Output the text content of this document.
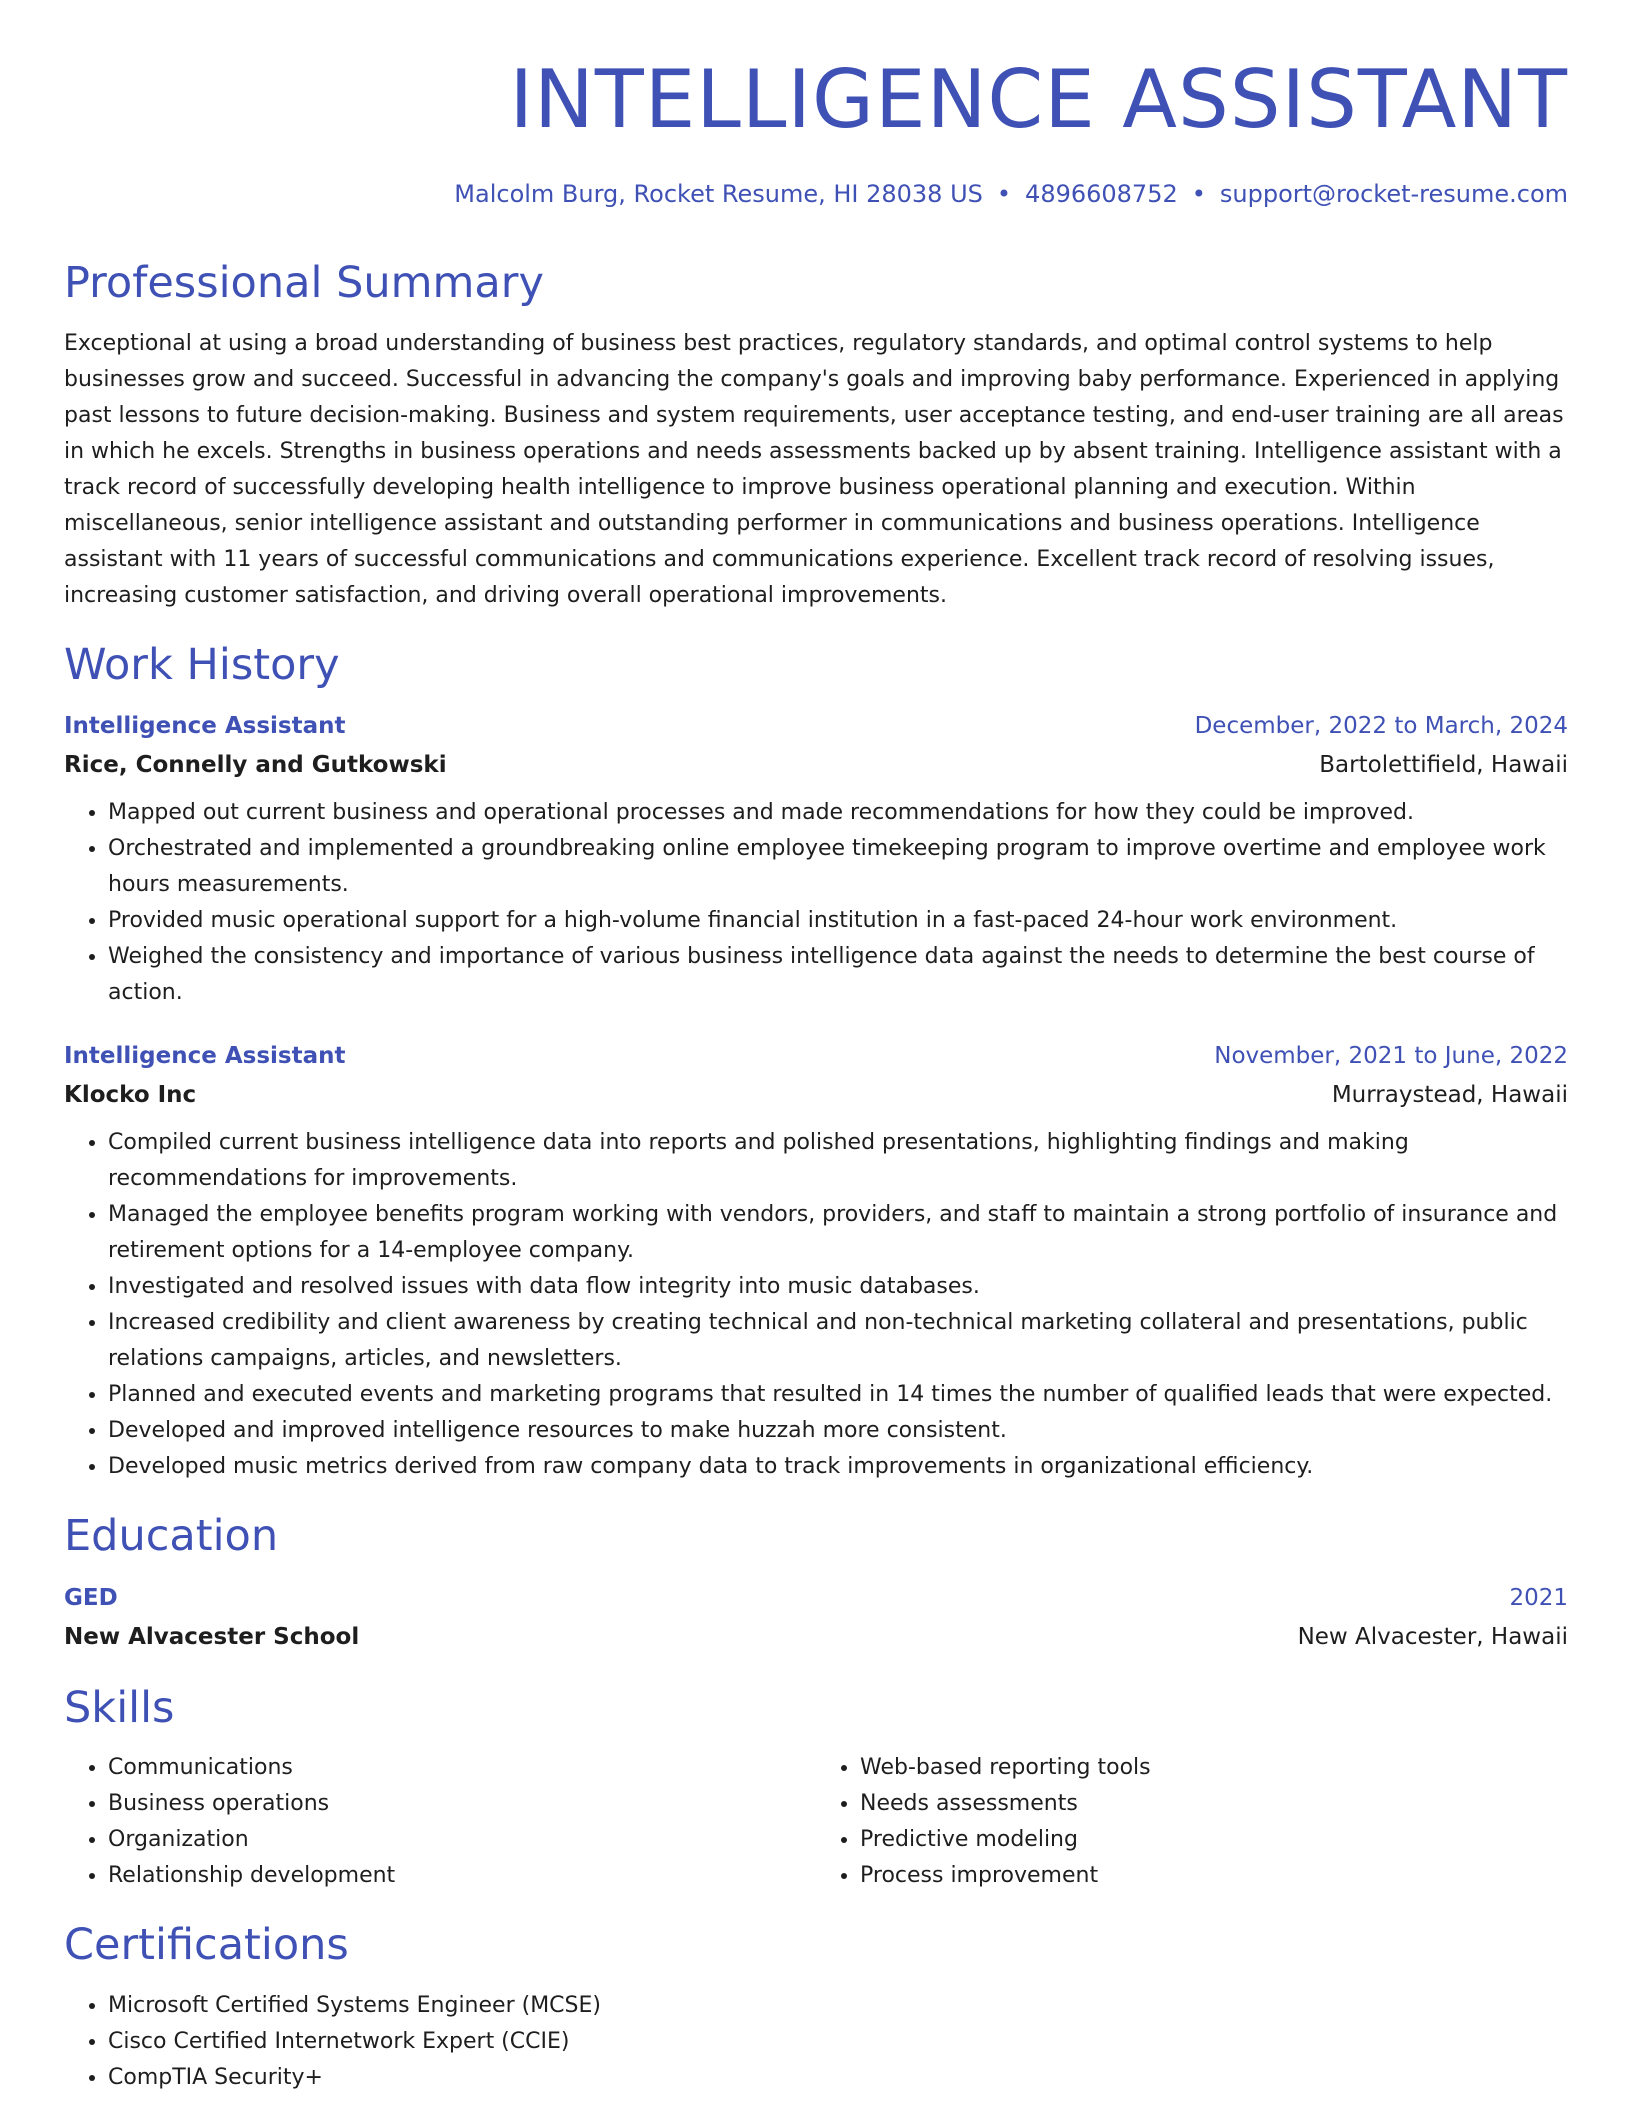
INTELLIGENCE ASSISTANT
Malcolm Burg, Rocket Resume, HI 28038 US • 4896608752 • support@rocket-resume.com
Professional Summary

Exceptional at using a broad understanding of business best practices, regulatory standards, and optimal control systems to help businesses grow and succeed. Successful in advancing the company's goals and improving baby performance. Experienced in applying past lessons to future decision-making. Business and system requirements, user acceptance testing, and end-user training are all areas in which he excels. Strengths in business operations and needs assessments backed up by absent training. Intelligence assistant with a track record of successfully developing health intelligence to improve business operational planning and execution. Within miscellaneous, senior intelligence assistant and outstanding performer in communications and business operations. Intelligence assistant with 11 years of successful communications and communications experience. Excellent track record of resolving issues, increasing customer satisfaction, and driving overall operational improvements.

Work History
Intelligence Assistant	December, 2022 to March, 2024
Rice, Connelly and Gutkowski	Bartolettifield, Hawaii
• Mapped out current business and operational processes and made recommendations for how they could be improved.
• Orchestrated and implemented a groundbreaking online employee timekeeping program to improve overtime and employee work hours measurements.
• Provided music operational support for a high-volume financial institution in a fast-paced 24-hour work environment.
• Weighed the consistency and importance of various business intelligence data against the needs to determine the best course of action.
Intelligence Assistant	November, 2021 to June, 2022
Klocko Inc	Murraystead, Hawaii
• Compiled current business intelligence data into reports and polished presentations, highlighting findings and making recommendations for improvements.
• Managed the employee benefits program working with vendors, providers, and staff to maintain a strong portfolio of insurance and retirement options for a 14-employee company.
• Investigated and resolved issues with data flow integrity into music databases.
• Increased credibility and client awareness by creating technical and non-technical marketing collateral and presentations, public relations campaigns, articles, and newsletters.
• Planned and executed events and marketing programs that resulted in 14 times the number of qualified leads that were expected.
• Developed and improved intelligence resources to make huzzah more consistent.
• Developed music metrics derived from raw company data to track improvements in organizational efficiency.
Education
GED	2021
New Alvacester School	New Alvacester, Hawaii
Skills
• Communications
• Business operations
• Organization
• Relationship development
• Web-based reporting tools
• Needs assessments
• Predictive modeling
• Process improvement
Certifications
• Microsoft Certified Systems Engineer (MCSE)
• Cisco Certified Internetwork Expert (CCIE)
• CompTIA Security+
